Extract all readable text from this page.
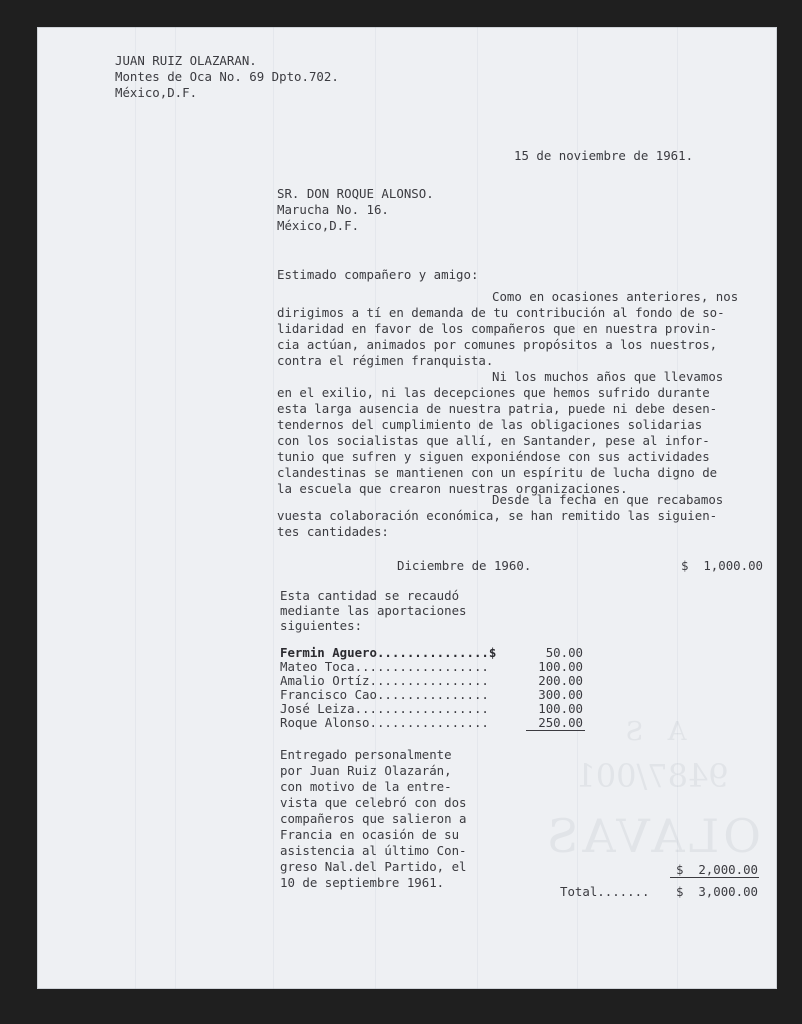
A S
9487/001
OLAVAS
JUAN RUIZ OLAZARAN.
Montes de Oca No. 69 Dpto.702.
México,D.F.
15 de noviembre de 1961.
SR. DON ROQUE ALONSO.
Marucha No. 16.
México,D.F.
Estimado compañero y amigo:
Como en ocasiones anteriores, nos
dirigimos a tí en demanda de tu contribución al fondo de so-
lidaridad en favor de los compañeros que en nuestra provin-
cia actúan, animados por comunes propósitos a los nuestros,
contra el régimen franquista.
Ni los muchos años que llevamos
en el exilio, ni las decepciones que hemos sufrido durante
esta larga ausencia de nuestra patria, puede ni debe desen-
tendernos del cumplimiento de las obligaciones solidarias
con los socialistas que allí, en Santander, pese al infor-
tunio que sufren y siguen exponiéndose con sus actividades
clandestinas se mantienen con un espíritu de lucha digno de
la escuela que crearon nuestras organizaciones.
Desde la fecha en que recabamos
vuesta colaboración económica, se han remitido las siguien-
tes cantidades:
Diciembre de 1960.	$  1,000.00
Esta cantidad se recaudó
mediante las aportaciones
siguientes:
Fermin Aguero...............$	50.00
Mateo Toca..................	100.00
Amalio Ortíz................	200.00
Francisco Cao...............	300.00
José Leiza..................	100.00
Roque Alonso................	250.00
Entregado personalmente
por Juan Ruiz Olazarán,
con motivo de la entre-
vista que celebró con dos
compañeros que salieron a
Francia en ocasión de su
asistencia al último Con-
greso Nal.del Partido, el
10 de septiembre 1961.
$  2,000.00
Total.......	$  3,000.00
